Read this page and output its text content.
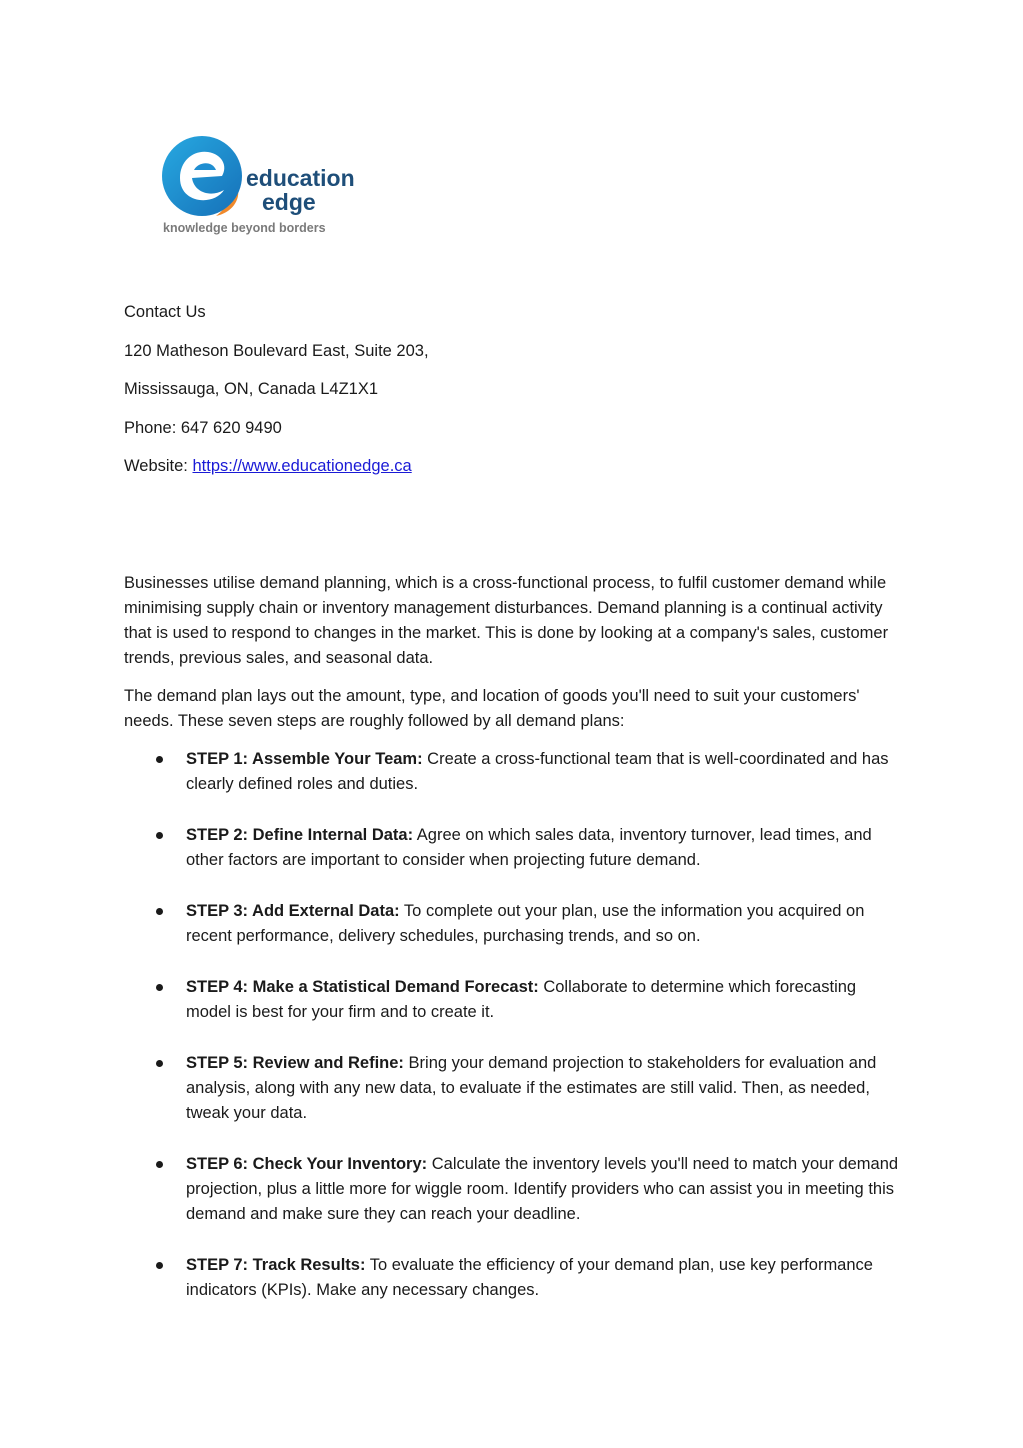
education
edge
knowledge beyond borders
Contact Us
120 Matheson Boulevard East, Suite 203,
Mississauga, ON, Canada L4Z1X1
Phone: 647 620 9490
Website: https://www.educationedge.ca

Businesses utilise demand planning, which is a cross-functional process, to fulfil customer demand while minimising supply chain or inventory management disturbances. Demand planning is a continual activity that is used to respond to changes in the market. This is done by looking at a company's sales, customer trends, previous sales, and seasonal data.

The demand plan lays out the amount, type, and location of goods you'll need to suit your customers' needs. These seven steps are roughly followed by all demand plans:

STEP 1: Assemble Your Team: Create a cross-functional team that is well-coordinated and has clearly defined roles and duties.
STEP 2: Define Internal Data: Agree on which sales data, inventory turnover, lead times, and other factors are important to consider when projecting future demand.
STEP 3: Add External Data: To complete out your plan, use the information you acquired on recent performance, delivery schedules, purchasing trends, and so on.
STEP 4: Make a Statistical Demand Forecast: Collaborate to determine which forecasting model is best for your firm and to create it.
STEP 5: Review and Refine: Bring your demand projection to stakeholders for evaluation and analysis, along with any new data, to evaluate if the estimates are still valid. Then, as needed, tweak your data.
STEP 6: Check Your Inventory: Calculate the inventory levels you'll need to match your demand projection, plus a little more for wiggle room. Identify providers who can assist you in meeting this demand and make sure they can reach your deadline.
STEP 7: Track Results: To evaluate the efficiency of your demand plan, use key performance indicators (KPIs). Make any necessary changes.
